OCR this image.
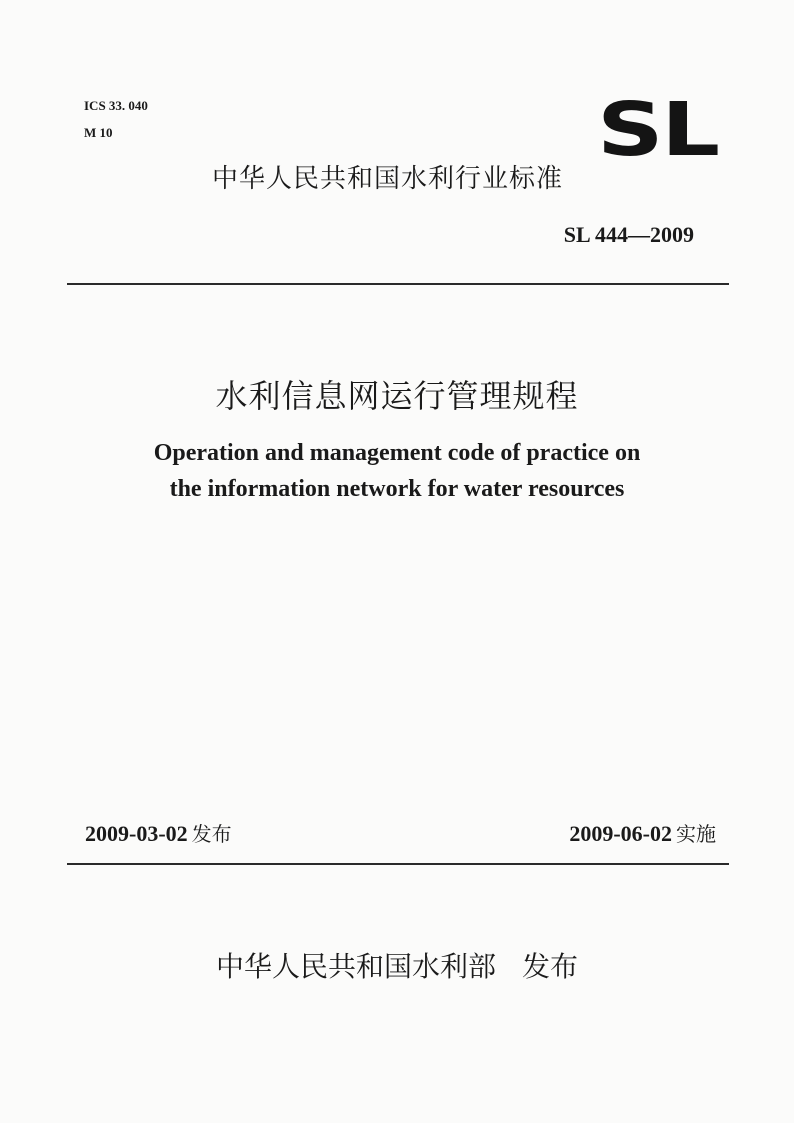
ICS 33. 040
M 10	SL
中华人民共和国水利行业标准
SL 444—2009
水利信息网运行管理规程
Operation and management code of practice on
the information network for water resources
2009-03-02 发布	2009-06-02 实施
中华人民共和国水利部 发布
